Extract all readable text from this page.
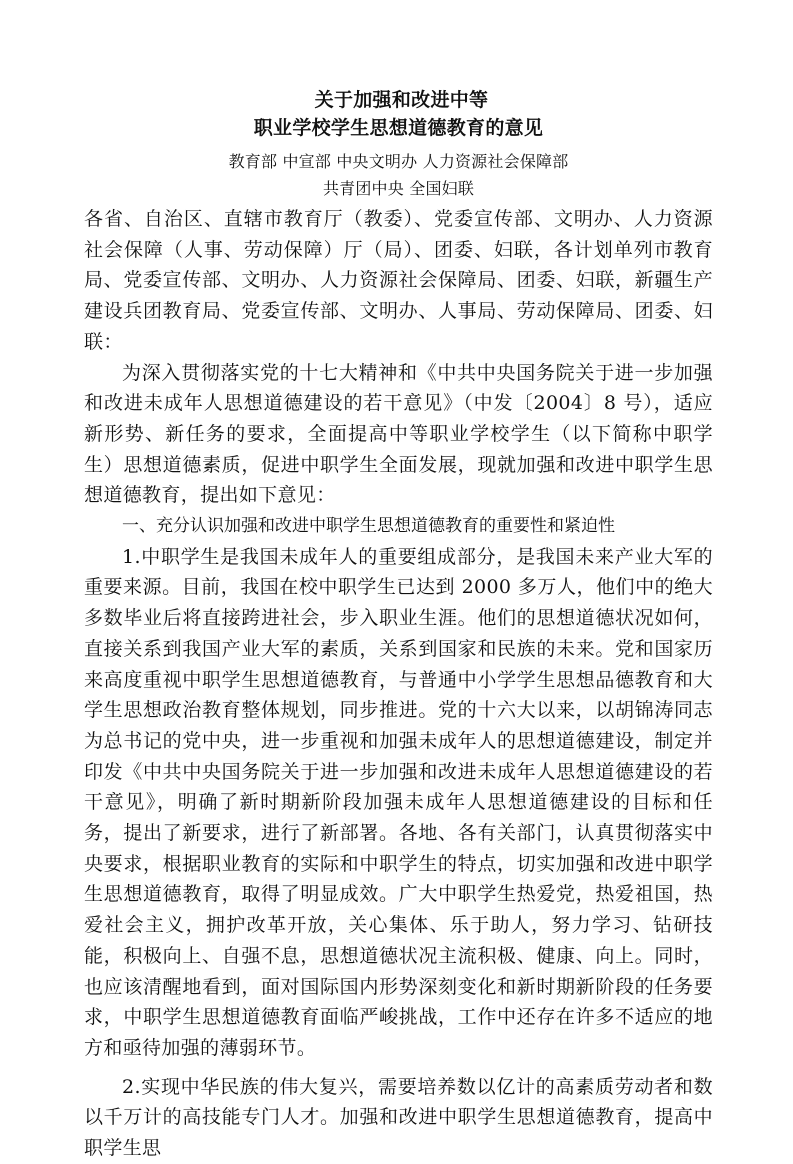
关于加强和改进中等

职业学校学生思想道德教育的意见

教育部 中宣部 中央文明办 人力资源社会保障部

共青团中央 全国妇联

各省、自治区、直辖市教育厅（教委）、党委宣传部、文明办、人力资源社会保障（人事、劳动保障）厅（局）、团委、妇联，各计划单列市教育局、党委宣传部、文明办、人力资源社会保障局、团委、妇联，新疆生产建设兵团教育局、党委宣传部、文明办、人事局、劳动保障局、团委、妇联：

为深入贯彻落实党的十七大精神和《中共中央国务院关于进一步加强和改进未成年人思想道德建设的若干意见》（中发〔2004〕8 号），适应新形势、新任务的要求，全面提高中等职业学校学生（以下简称中职学生）思想道德素质，促进中职学生全面发展，现就加强和改进中职学生思想道德教育，提出如下意见：

一、充分认识加强和改进中职学生思想道德教育的重要性和紧迫性

1.中职学生是我国未成年人的重要组成部分，是我国未来产业大军的重要来源。目前，我国在校中职学生已达到 2000 多万人，他们中的绝大多数毕业后将直接跨进社会，步入职业生涯。他们的思想道德状况如何，直接关系到我国产业大军的素质，关系到国家和民族的未来。党和国家历来高度重视中职学生思想道德教育，与普通中小学学生思想品德教育和大学生思想政治教育整体规划，同步推进。党的十六大以来，以胡锦涛同志为总书记的党中央，进一步重视和加强未成年人的思想道德建设，制定并印发《中共中央国务院关于进一步加强和改进未成年人思想道德建设的若干意见》，明确了新时期新阶段加强未成年人思想道德建设的目标和任务，提出了新要求，进行了新部署。各地、各有关部门，认真贯彻落实中央要求，根据职业教育的实际和中职学生的特点，切实加强和改进中职学生思想道德教育，取得了明显成效。广大中职学生热爱党，热爱祖国，热爱社会主义，拥护改革开放，关心集体、乐于助人，努力学习、钻研技能，积极向上、自强不息，思想道德状况主流积极、健康、向上。同时，也应该清醒地看到，面对国际国内形势深刻变化和新时期新阶段的任务要求，中职学生思想道德教育面临严峻挑战，工作中还存在许多不适应的地方和亟待加强的薄弱环节。

2.实现中华民族的伟大复兴，需要培养数以亿计的高素质劳动者和数以千万计的高技能专门人才。加强和改进中职学生思想道德教育，提高中职学生思
